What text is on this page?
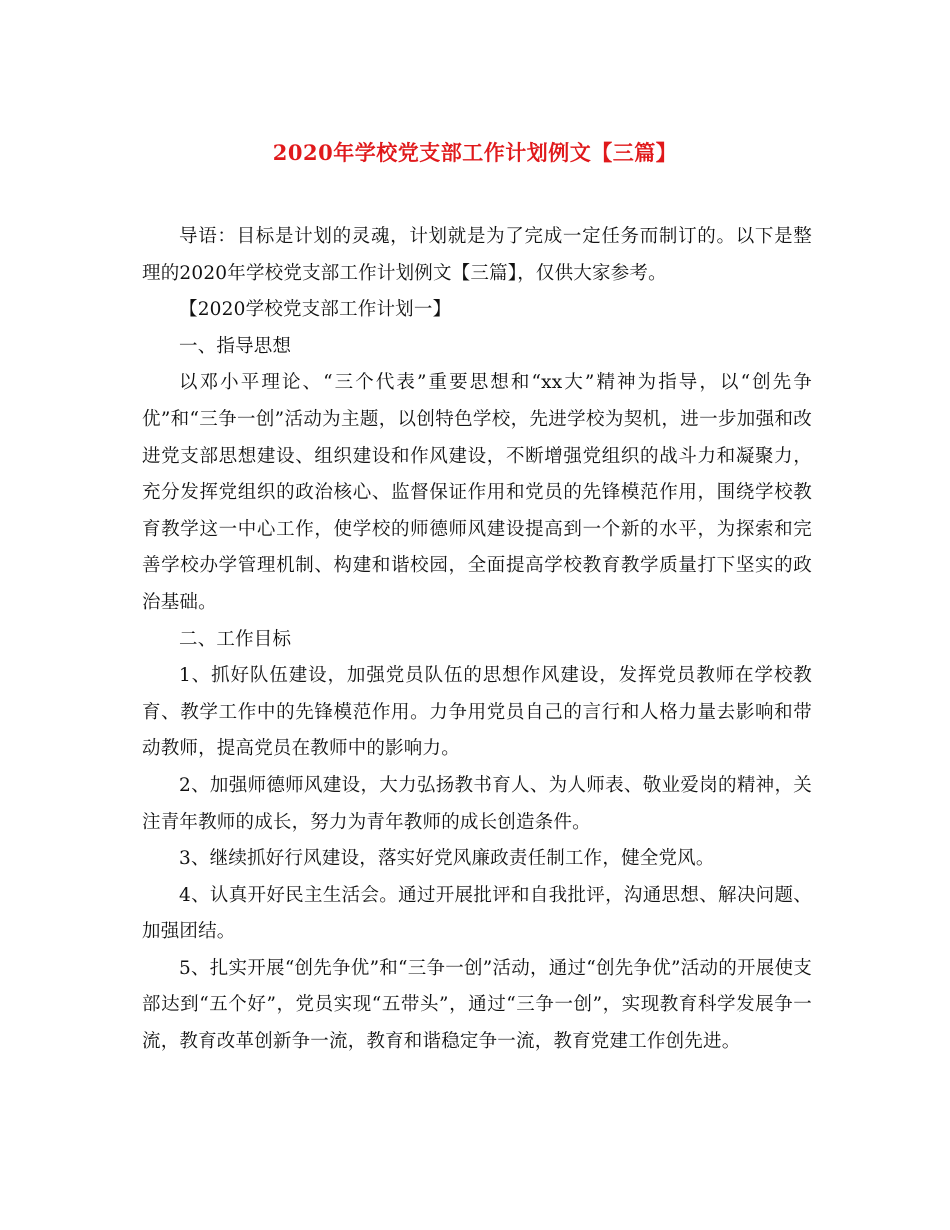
2020年学校党支部工作计划例文【三篇】

导语：目标是计划的灵魂，计划就是为了完成一定任务而制订的。以下是整理的2020年学校党支部工作计划例文【三篇】，仅供大家参考。

【2020学校党支部工作计划一】

一、指导思想

以邓小平理论、“三个代表”重要思想和“xx大”精神为指导，以“创先争优”和“三争一创”活动为主题，以创特色学校，先进学校为契机，进一步加强和改进党支部思想建设、组织建设和作风建设，不断增强党组织的战斗力和凝聚力，充分发挥党组织的政治核心、监督保证作用和党员的先锋模范作用，围绕学校教育教学这一中心工作，使学校的师德师风建设提高到一个新的水平，为探索和完善学校办学管理机制、构建和谐校园，全面提高学校教育教学质量打下坚实的政治基础。

二、工作目标

1、抓好队伍建设，加强党员队伍的思想作风建设，发挥党员教师在学校教育、教学工作中的先锋模范作用。力争用党员自己的言行和人格力量去影响和带动教师，提高党员在教师中的影响力。

2、加强师德师风建设，大力弘扬教书育人、为人师表、敬业爱岗的精神，关注青年教师的成长，努力为青年教师的成长创造条件。

3、继续抓好行风建设，落实好党风廉政责任制工作，健全党风。

4、认真开好民主生活会。通过开展批评和自我批评，沟通思想、解决问题、加强团结。

5、扎实开展“创先争优”和“三争一创”活动，通过“创先争优”活动的开展使支部达到“五个好”，党员实现“五带头”，通过“三争一创”，实现教育科学发展争一流，教育改革创新争一流，教育和谐稳定争一流，教育党建工作创先进。
